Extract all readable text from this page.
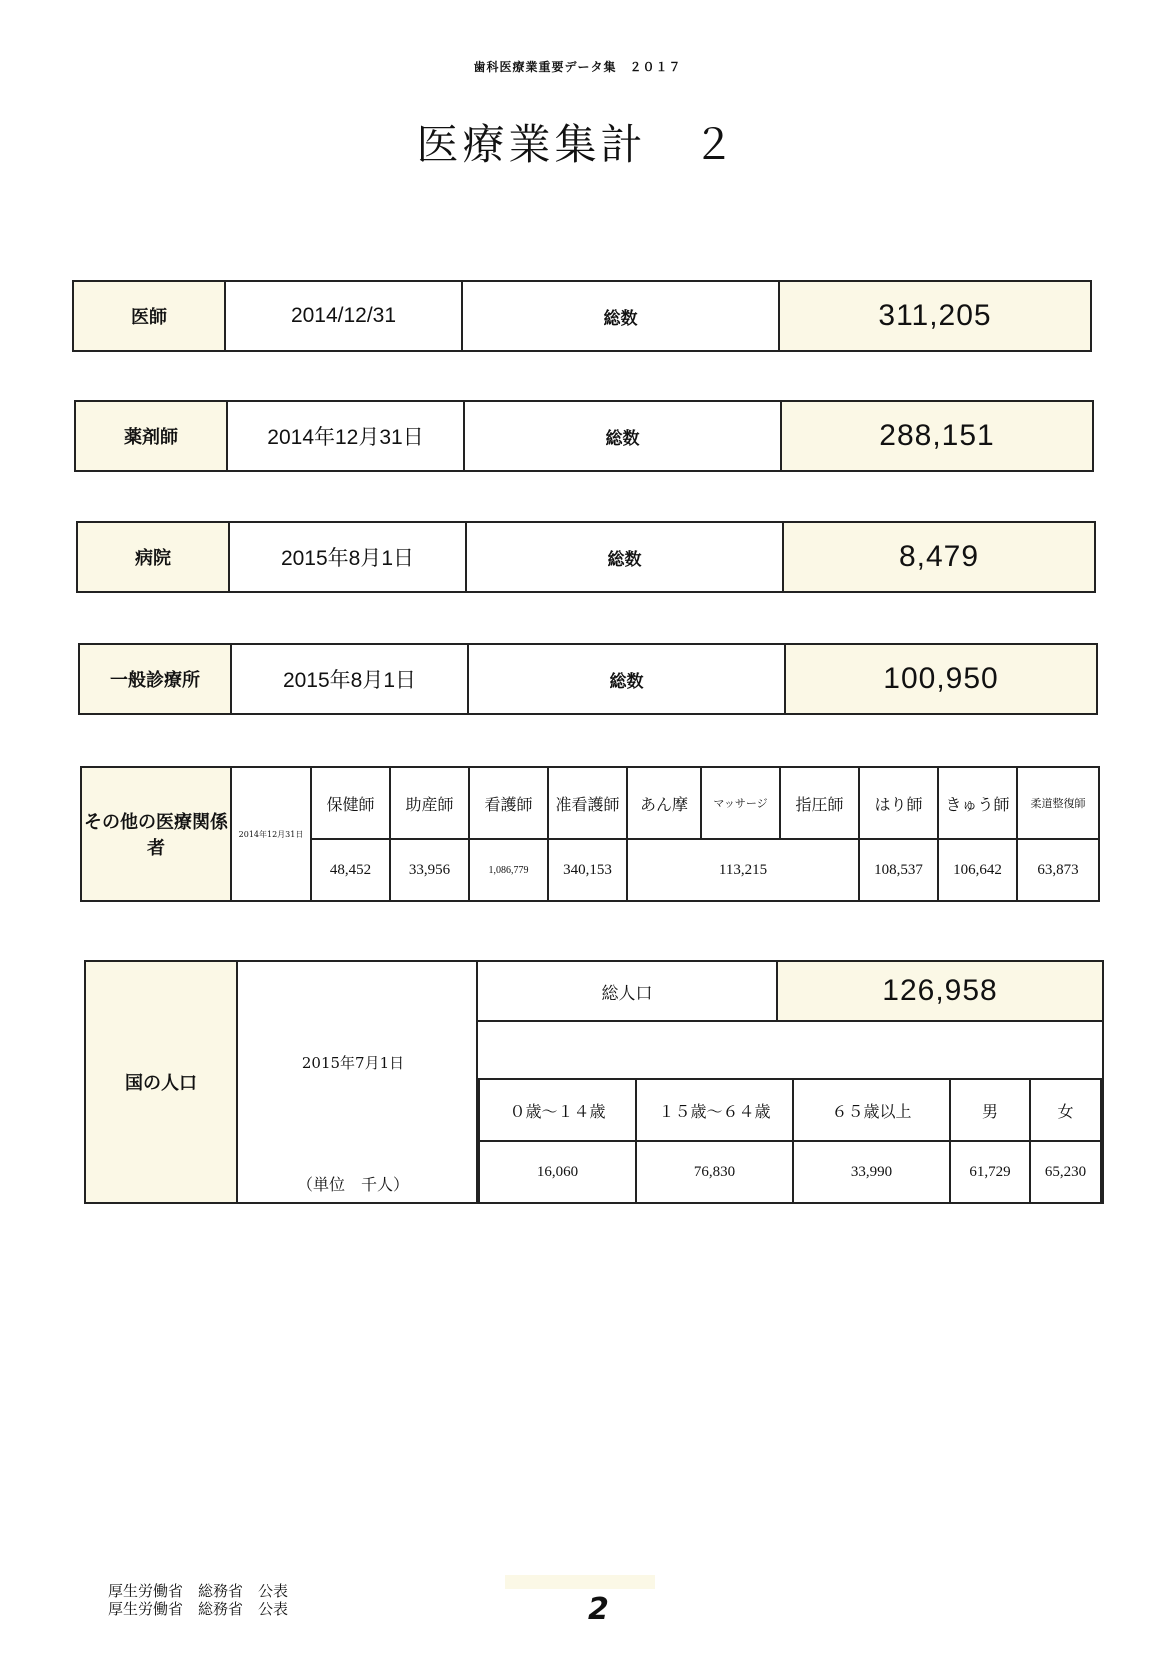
歯科医療業重要データ集　２０１７
医療業集計　２
医師	2014/12/31	総数	311,205
薬剤師	2014年12月31日	総数	288,151
病院	2015年8月1日	総数	8,479
一般診療所	2015年8月1日	総数	100,950
その他の医療関係者	2014年12月31日	保健師	助産師	看護師	准看護師	あん摩	マッサージ	指圧師	はり師	きゅう師	柔道整復師
		48,452	33,956	1,086,779	340,153	113,215			108,537	106,642	63,873
国の人口
2015年7月1日
（単位　千人）
総人口	126,958
０歳～１４歳	１５歳～６４歳	６５歳以上	男	女
16,060	76,830	33,990	61,729	65,230
厚生労働省　総務省　公表
厚生労働省　総務省　公表	2
